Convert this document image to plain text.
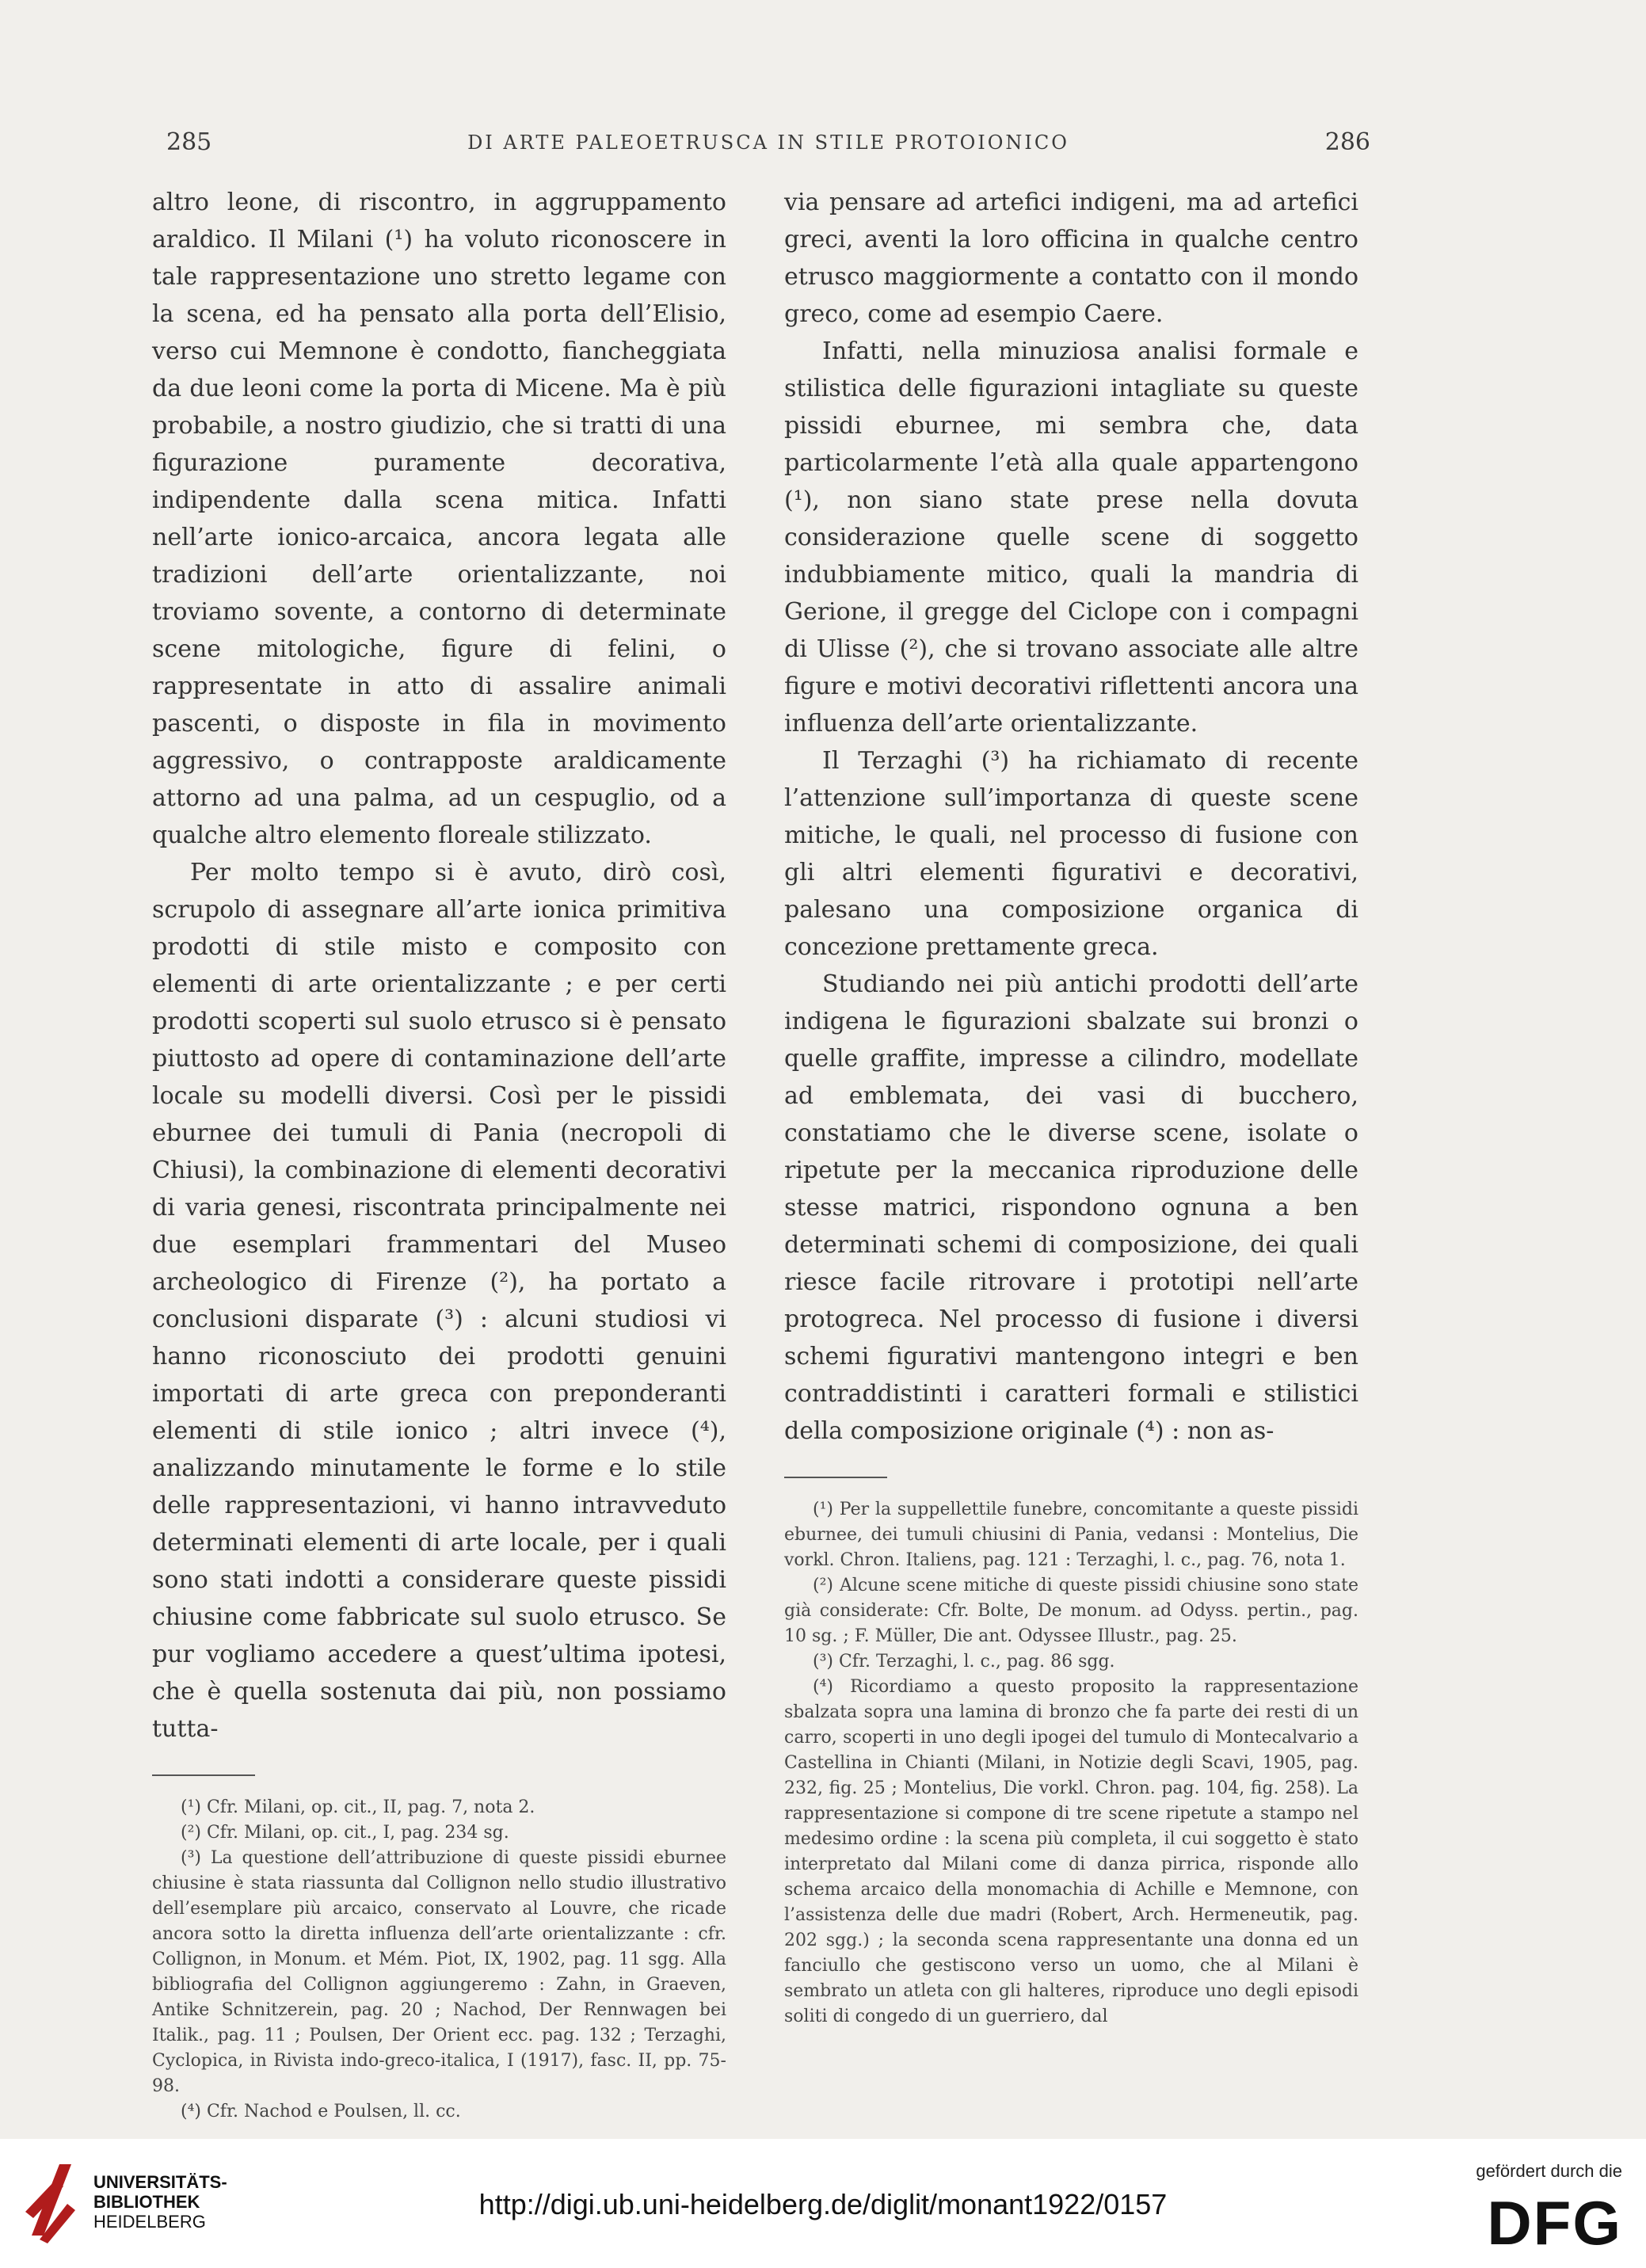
285	DI ARTE PALEOETRUSCA IN STILE PROTOIONICO	286

altro leone, di riscontro, in aggruppamento araldico. Il Milani (¹) ha voluto riconoscere in tale rappresentazione uno stretto legame con la scena, ed ha pensato alla porta dell’Elisio, verso cui Memnone è condotto, fiancheggiata da due leoni come la porta di Micene. Ma è più probabile, a nostro giudizio, che si tratti di una figurazione puramente decorativa, indipendente dalla scena mitica. Infatti nell’arte ionico-arcaica, ancora legata alle tradizioni dell’arte orientalizzante, noi troviamo sovente, a contorno di determinate scene mitologiche, figure di felini, o rappresentate in atto di assalire animali pascenti, o disposte in fila in movimento aggressivo, o contrapposte araldicamente attorno ad una palma, ad un cespuglio, od a qualche altro elemento floreale stilizzato.

Per molto tempo si è avuto, dirò così, scrupolo di assegnare all’arte ionica primitiva prodotti di stile misto e composito con elementi di arte orientalizzante ; e per certi prodotti scoperti sul suolo etrusco si è pensato piuttosto ad opere di contaminazione dell’arte locale su modelli diversi. Così per le pissidi eburnee dei tumuli di Pania (necropoli di Chiusi), la combinazione di elementi decorativi di varia genesi, riscontrata principalmente nei due esemplari frammentari del Museo archeologico di Firenze (²), ha portato a conclusioni disparate (³) : alcuni studiosi vi hanno riconosciuto dei prodotti genuini importati di arte greca con preponderanti elementi di stile ionico ; altri invece (⁴), analizzando minutamente le forme e lo stile delle rappresentazioni, vi hanno intravveduto determinati elementi di arte locale, per i quali sono stati indotti a considerare queste pissidi chiusine come fabbricate sul suolo etrusco. Se pur vogliamo accedere a quest’ultima ipotesi, che è quella sostenuta dai più, non possiamo tutta-

(¹) Cfr. Milani, op. cit., II, pag. 7, nota 2.

(²) Cfr. Milani, op. cit., I, pag. 234 sg.

(³) La questione dell’attribuzione di queste pissidi eburnee chiusine è stata riassunta dal Collignon nello studio illustrativo dell’esemplare più arcaico, conservato al Louvre, che ricade ancora sotto la diretta influenza dell’arte orientalizzante : cfr. Collignon, in Monum. et Mém. Piot, IX, 1902, pag. 11 sgg. Alla bibliografia del Collignon aggiungeremo : Zahn, in Graeven, Antike Schnitzerein, pag. 20 ; Nachod, Der Rennwagen bei Italik., pag. 11 ; Poulsen, Der Orient ecc. pag. 132 ; Terzaghi, Cyclopica, in Rivista indo-greco-italica, I (1917), fasc. II, pp. 75-98.

(⁴) Cfr. Nachod e Poulsen, ll. cc.

via pensare ad artefici indigeni, ma ad artefici greci, aventi la loro officina in qualche centro etrusco maggiormente a contatto con il mondo greco, come ad esempio Caere.

Infatti, nella minuziosa analisi formale e stilistica delle figurazioni intagliate su queste pissidi eburnee, mi sembra che, data particolarmente l’età alla quale appartengono (¹), non siano state prese nella dovuta considerazione quelle scene di soggetto indubbiamente mitico, quali la mandria di Gerione, il gregge del Ciclope con i compagni di Ulisse (²), che si trovano associate alle altre figure e motivi decorativi riflettenti ancora una influenza dell’arte orientalizzante.

Il Terzaghi (³) ha richiamato di recente l’attenzione sull’importanza di queste scene mitiche, le quali, nel processo di fusione con gli altri elementi figurativi e decorativi, palesano una composizione organica di concezione prettamente greca.

Studiando nei più antichi prodotti dell’arte indigena le figurazioni sbalzate sui bronzi o quelle graffite, impresse a cilindro, modellate ad emblemata, dei vasi di bucchero, constatiamo che le diverse scene, isolate o ripetute per la meccanica riproduzione delle stesse matrici, rispondono ognuna a ben determinati schemi di composizione, dei quali riesce facile ritrovare i prototipi nell’arte protogreca. Nel processo di fusione i diversi schemi figurativi mantengono integri e ben contraddistinti i caratteri formali e stilistici della composizione originale (⁴) : non as-

(¹) Per la suppellettile funebre, concomitante a queste pissidi eburnee, dei tumuli chiusini di Pania, vedansi : Montelius, Die vorkl. Chron. Italiens, pag. 121 : Terzaghi, l. c., pag. 76, nota 1.

(²) Alcune scene mitiche di queste pissidi chiusine sono state già considerate: Cfr. Bolte, De monum. ad Odyss. pertin., pag. 10 sg. ; F. Müller, Die ant. Odyssee Illustr., pag. 25.

(³) Cfr. Terzaghi, l. c., pag. 86 sgg.

(⁴) Ricordiamo a questo proposito la rappresentazione sbalzata sopra una lamina di bronzo che fa parte dei resti di un carro, scoperti in uno degli ipogei del tumulo di Montecalvario a Castellina in Chianti (Milani, in Notizie degli Scavi, 1905, pag. 232, fig. 25 ; Montelius, Die vorkl. Chron. pag. 104, fig. 258). La rappresentazione si compone di tre scene ripetute a stampo nel medesimo ordine : la scena più completa, il cui soggetto è stato interpretato dal Milani come di danza pirrica, risponde allo schema arcaico della monomachia di Achille e Memnone, con l’assistenza delle due madri (Robert, Arch. Hermeneutik, pag. 202 sgg.) ; la seconda scena rappresentante una donna ed un fanciullo che gestiscono verso un uomo, che al Milani è sembrato un atleta con gli halteres, riproduce uno degli episodi soliti di congedo di un guerriero, dal

UNIVERSITÄTS-
BIBLIOTHEK
HEIDELBERG
http://digi.ub.uni-heidelberg.de/diglit/monant1922/0157
gefördert durch die
DFG
